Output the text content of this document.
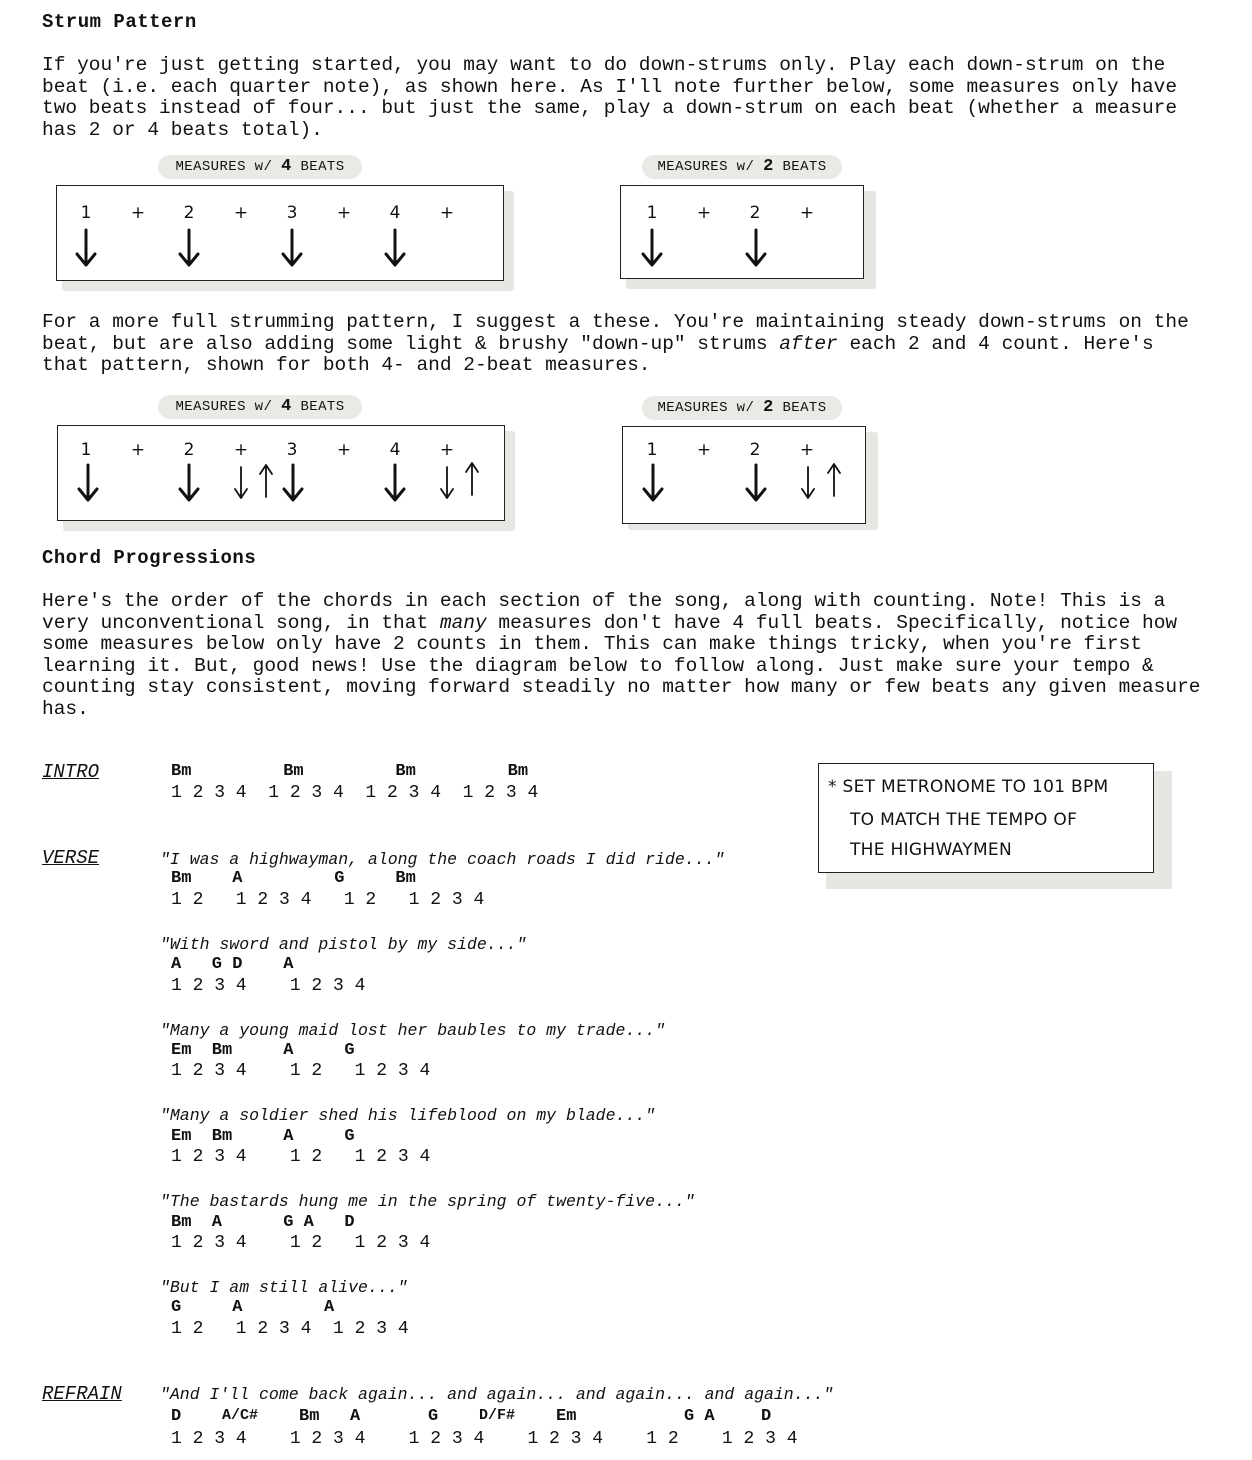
Strum Pattern

If you're just getting started, you may want to do down-strums only. Play each down-strum on the beat (i.e. each quarter note), as shown here. As I'll note further below, some measures only have two beats instead of four... but just the same, play a down-strum on each beat (whether a measure has 2 or 4 beats total).

MEASURES w/ 4 BEATS
1 + 2 + 3 + 4 +
MEASURES w/ 2 BEATS
1 + 2 +

For a more full strumming pattern, I suggest a these. You're maintaining steady down-strums on the beat, but are also adding some light & brushy "down-up" strums after each 2 and 4 count. Here's that pattern, shown for both 4- and 2-beat measures.

MEASURES w/ 4 BEATS
1 + 2 + 3 + 4 +
MEASURES w/ 2 BEATS
1 + 2 +
Chord Progressions

Here's the order of the chords in each section of the song, along with counting. Note! This is a very unconventional song, in that many measures don't have 4 full beats. Specifically, notice how some measures below only have 2 counts in them. This can make things tricky, when you're first learning it. But, good news! Use the diagram below to follow along. Just make sure your tempo & counting stay consistent, moving forward steadily no matter how many or few beats any given measure has.

* SET METRONOME TO 101 BPM
TO MATCH THE TEMPO OF
THE HIGHWAYMEN
INTRO	Bm         Bm         Bm         Bm
1 2 3 4  1 2 3 4  1 2 3 4  1 2 3 4
VERSE	"I was a highwayman, along the coach roads I did ride..."
Bm    A         G     Bm
1 2   1 2 3 4   1 2   1 2 3 4
"With sword and pistol by my side..."
A   G D    A
1 2 3 4    1 2 3 4
"Many a young maid lost her baubles to my trade..."
Em  Bm     A     G
1 2 3 4    1 2   1 2 3 4
"Many a soldier shed his lifeblood on my blade..."
Em  Bm     A     G
1 2 3 4    1 2   1 2 3 4
"The bastards hung me in the spring of twenty-five..."
Bm  A      G A   D
1 2 3 4    1 2   1 2 3 4
"But I am still alive..."
G     A        A
1 2   1 2 3 4  1 2 3 4
REFRAIN "And I'll come back again... and again... and again... and again..."
D	A/C# Bm A	G	D/F# Em	G A	D
1 2 3 4    1 2 3 4    1 2 3 4    1 2 3 4    1 2    1 2 3 4
